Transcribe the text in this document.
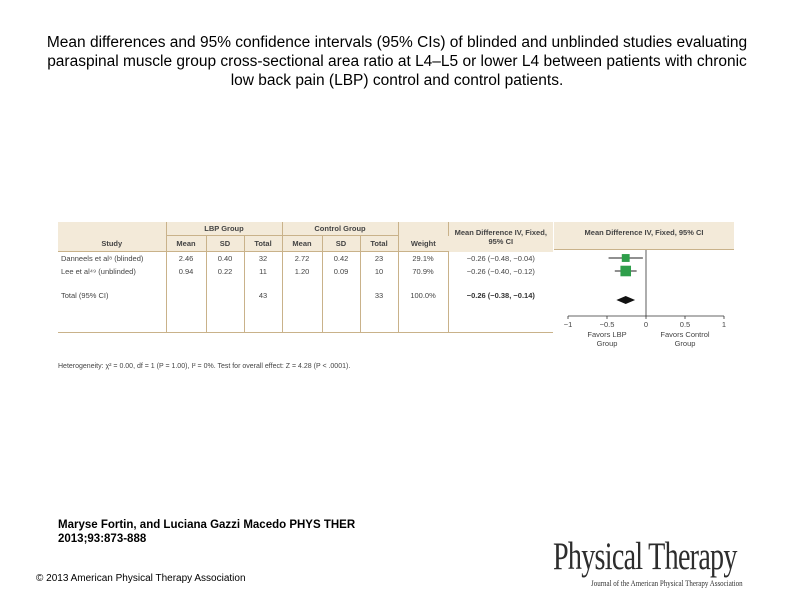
Mean differences and 95% confidence intervals (95% CIs) of blinded and unblinded studies evaluating paraspinal muscle group cross-sectional area ratio at L4–L5 or lower L4 between patients with chronic low back pain (LBP) control and control patients.
	LBP Group			Control Group				Mean Difference IV, Fixed, 95% CI
Study	Mean	SD	Total	Mean	SD	Total	Weight	
Danneels et al⁸ (blinded)	2.46	0.40	32	2.72	0.42	23	29.1%	−0.26 (−0.48, −0.04)
Lee et al⁴⁹ (unblinded)	0.94	0.22	11	1.20	0.09	10	70.9%	−0.26 (−0.40, −0.12)

Total (95% CI)			43			33	100.0%	−0.26 (−0.38, −0.14)

Mean Difference IV, Fixed, 95% CI
−1	−0.5	0	0.5	1
Favors LBP
Group
Favors Control
Group
Heterogeneity: χ² = 0.00, df = 1 (P = 1.00), I² = 0%. Test for overall effect: Z = 4.28 (P < .0001).
Maryse Fortin, and Luciana Gazzi Macedo PHYS THER
2013;93:873-888
© 2013 American Physical Therapy Association
Physical Therapy
Journal of the American Physical Therapy Association
